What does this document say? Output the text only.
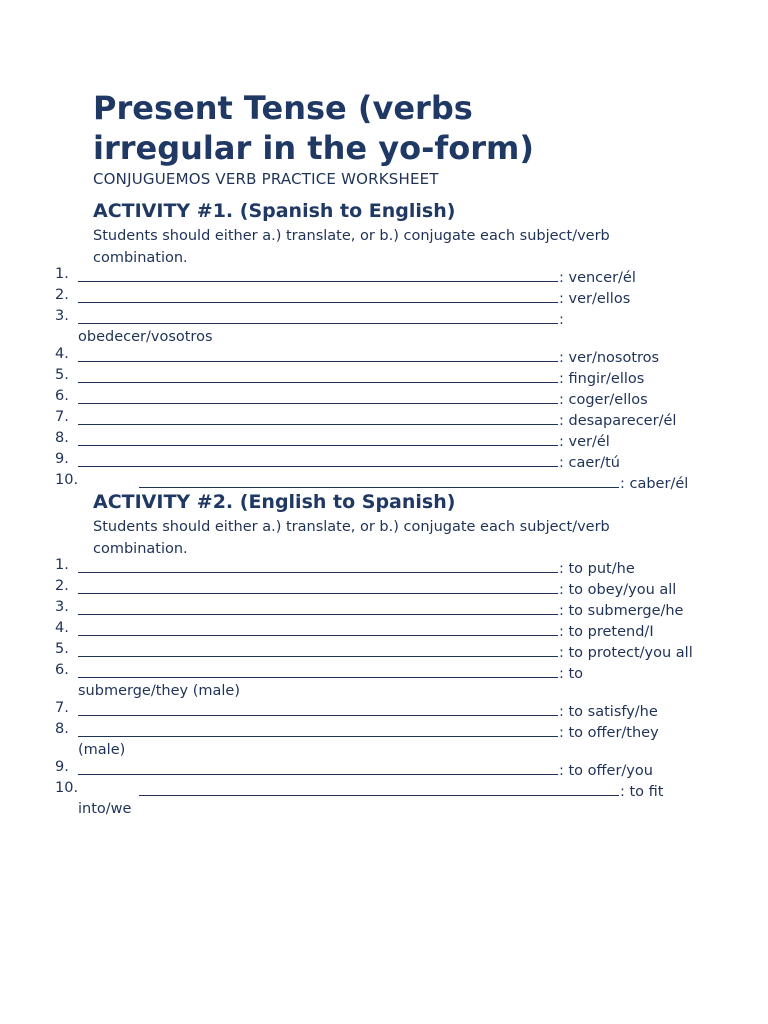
Present Tense (verbs irregular in the yo-form)
CONJUGUEMOS VERB PRACTICE WORKSHEET
ACTIVITY #1. (Spanish to English)

Students should either a.) translate, or b.) conjugate each subject/verb combination.

1.	: vencer/él
2.	: ver/ellos
3.	: obedecer/vosotros
4.	: ver/nosotros
5.	: fingir/ellos
6.	: coger/ellos
7.	: desaparecer/él
8.	: ver/él
9.	: caer/tú
10.	: caber/él
ACTIVITY #2. (English to Spanish)

Students should either a.) translate, or b.) conjugate each subject/verb combination.

1.	: to put/he
2.	: to obey/you all
3.	: to submerge/he
4.	: to pretend/I
5.	: to protect/you all
6.	: to submerge/they (male)
7.	: to satisfy/he
8.	: to offer/they (male)
9.	: to offer/you
10.	: to fit into/we
